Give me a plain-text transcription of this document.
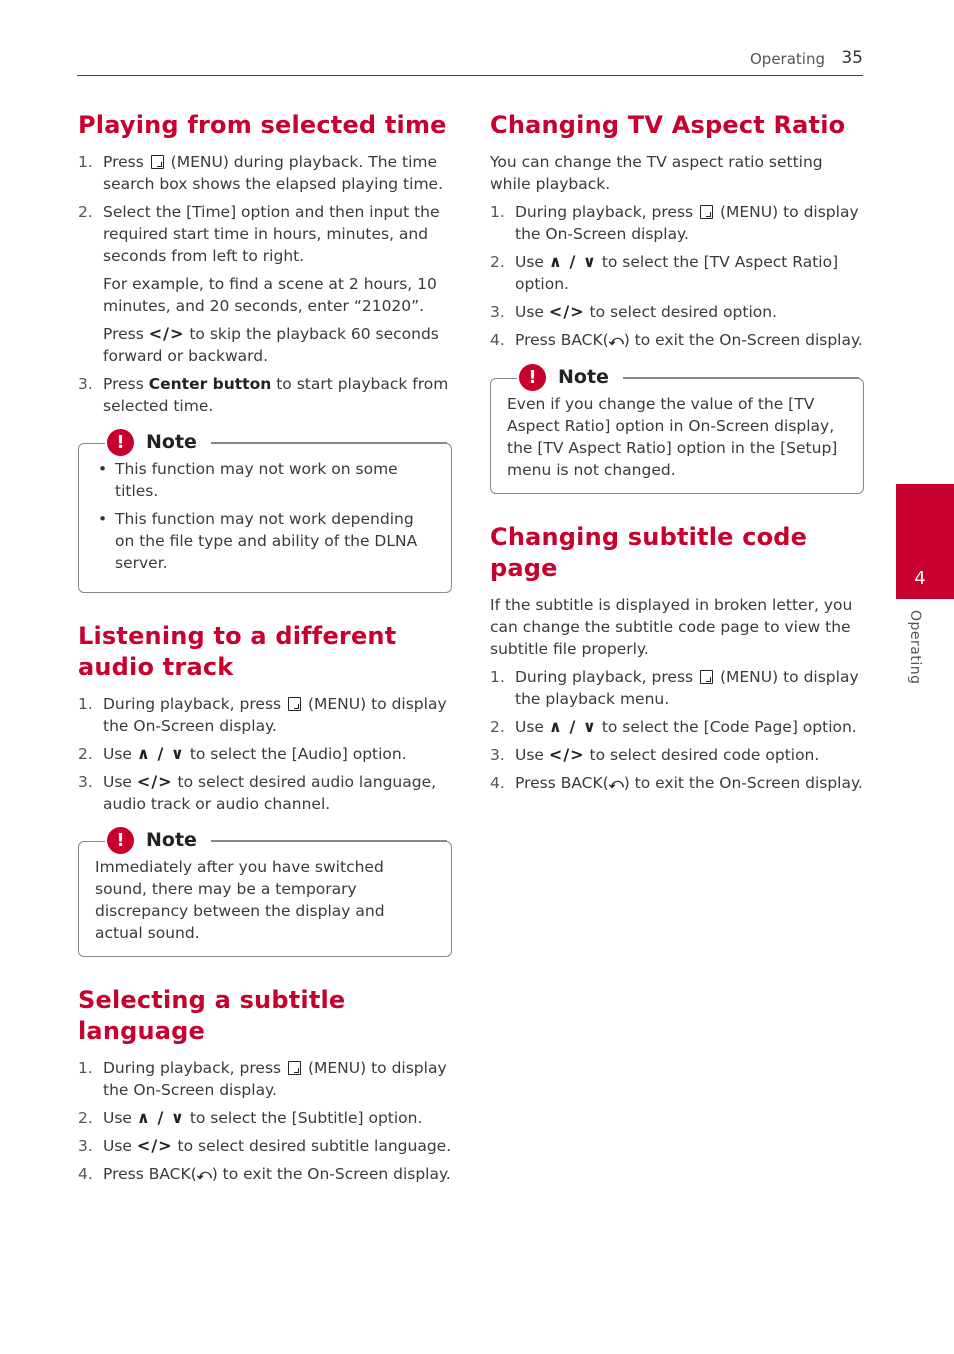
Operating 35
Playing from selected time
1. Press (MENU) during playback. The time search box shows the elapsed playing time.
2. Select the [Time] option and then input the required start time in hours, minutes, and seconds from left to right.
For example, to find a scene at 2 hours, 10 minutes, and 20 seconds, enter “21020”.
Press </> to skip the playback 60 seconds forward or backward.
3. Press Center button to start playback from selected time.
!	Note
• This function may not work on some titles.
• This function may not work depending on the file type and ability of the DLNA server.
Listening to a different audio track
1. During playback, press (MENU) to display the On-Screen display.
2. Use ∧ / ∨ to select the [Audio] option.
3. Use </> to select desired audio language, audio track or audio channel.
!	Note

Immediately after you have switched sound, there may be a temporary discrepancy between the display and actual sound.

Selecting a subtitle language
1. During playback, press (MENU) to display the On-Screen display.
2. Use ∧ / ∨ to select the [Subtitle] option.
3. Use </> to select desired subtitle language.
4. Press BACK(⤺) to exit the On-Screen display.
Changing TV Aspect Ratio

You can change the TV aspect ratio setting while playback.

1. During playback, press (MENU) to display the On-Screen display.
2. Use ∧ / ∨ to select the [TV Aspect Ratio] option.
3. Use </> to select desired option.
4. Press BACK(⤺) to exit the On-Screen display.
!	Note

Even if you change the value of the [TV Aspect Ratio] option in On-Screen display, the [TV Aspect Ratio] option in the [Setup] menu is not changed.

Changing subtitle code page

If the subtitle is displayed in broken letter, you can change the subtitle code page to view the subtitle file properly.

1. During playback, press (MENU) to display the playback menu.
2. Use ∧ / ∨ to select the [Code Page] option.
3. Use </> to select desired code option.
4. Press BACK(⤺) to exit the On-Screen display.
4
Operating
